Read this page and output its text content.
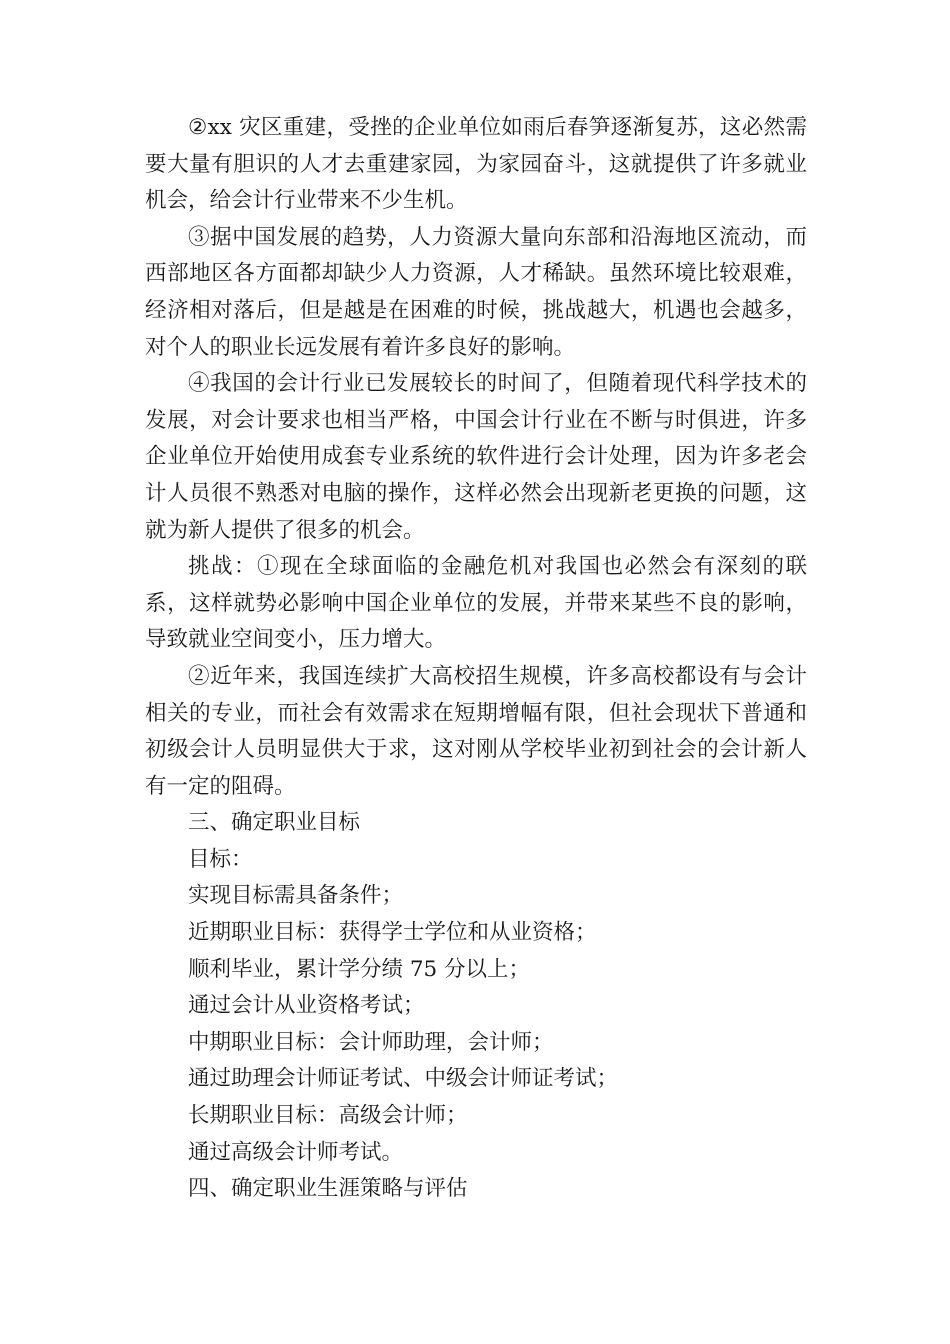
②xx 灾区重建，受挫的企业单位如雨后春笋逐渐复苏，这必然需要大量有胆识的人才去重建家园，为家园奋斗，这就提供了许多就业机会，给会计行业带来不少生机。

③据中国发展的趋势，人力资源大量向东部和沿海地区流动，而西部地区各方面都却缺少人力资源，人才稀缺。虽然环境比较艰难，经济相对落后，但是越是在困难的时候，挑战越大，机遇也会越多，对个人的职业长远发展有着许多良好的影响。

④我国的会计行业已发展较长的时间了，但随着现代科学技术的发展，对会计要求也相当严格，中国会计行业在不断与时俱进，许多企业单位开始使用成套专业系统的软件进行会计处理，因为许多老会计人员很不熟悉对电脑的操作，这样必然会出现新老更换的问题，这就为新人提供了很多的机会。

挑战：①现在全球面临的金融危机对我国也必然会有深刻的联系，这样就势必影响中国企业单位的发展，并带来某些不良的影响，导致就业空间变小，压力增大。

②近年来，我国连续扩大高校招生规模，许多高校都设有与会计相关的专业，而社会有效需求在短期增幅有限，但社会现状下普通和初级会计人员明显供大于求，这对刚从学校毕业初到社会的会计新人有一定的阻碍。

三、确定职业目标

目标：

实现目标需具备条件；

近期职业目标：获得学士学位和从业资格；

顺利毕业，累计学分绩 75 分以上；

通过会计从业资格考试；

中期职业目标：会计师助理，会计师；

通过助理会计师证考试、中级会计师证考试；

长期职业目标：高级会计师；

通过高级会计师考试。

四、确定职业生涯策略与评估
